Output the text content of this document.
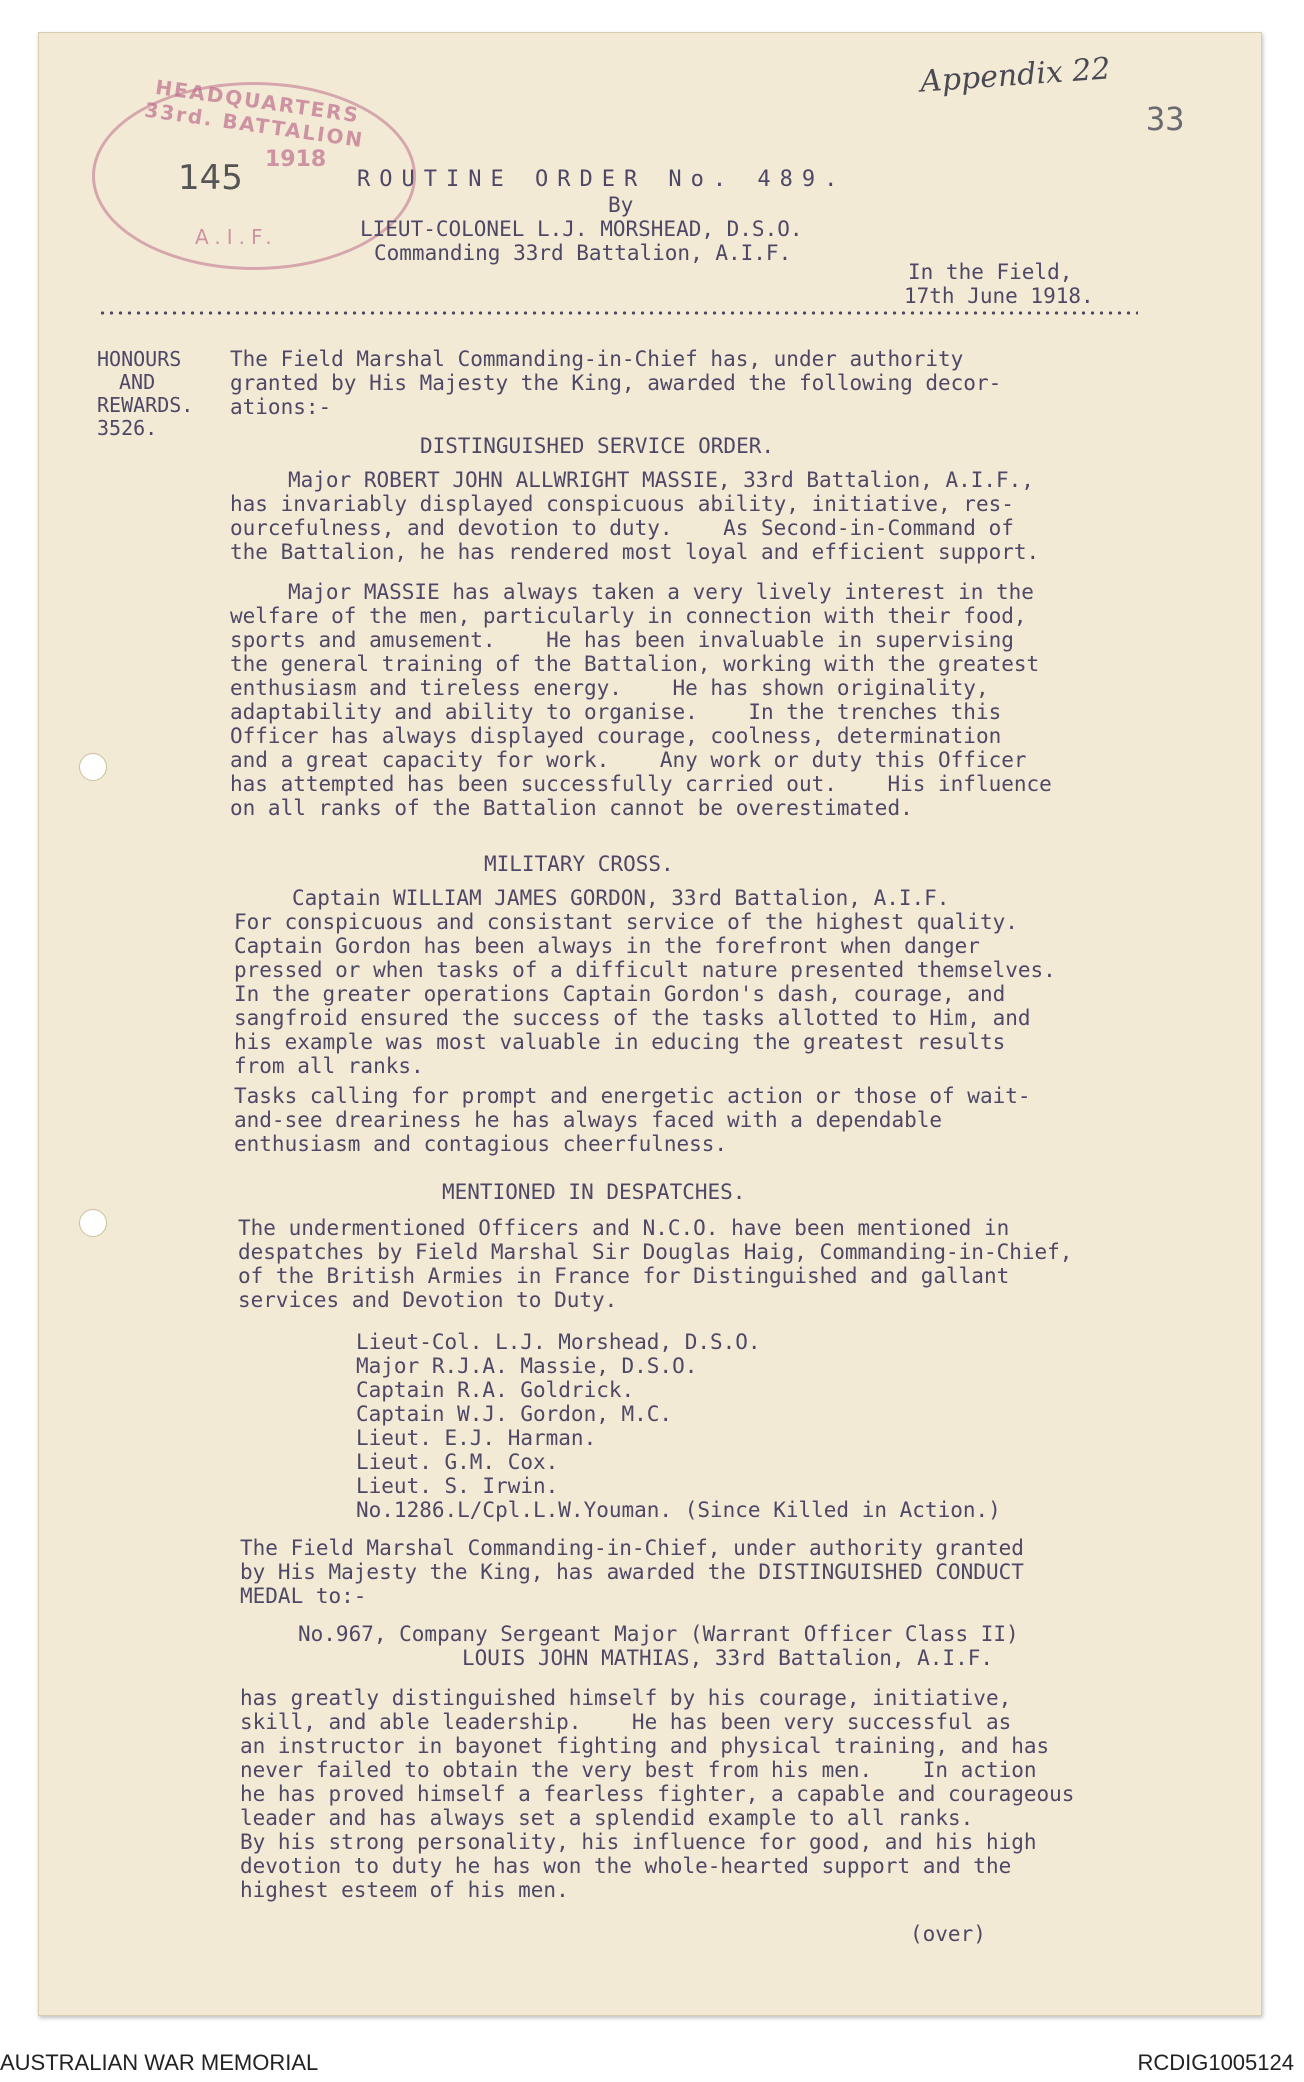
HEADQUARTERS 33rd. BATTALION
1918
A.I.F.
Appendix 22
33
145	ROUTINE ORDER No. 489.
By
LIEUT-COLONEL L.J. MORSHEAD, D.S.O.
Commanding 33rd Battalion, A.I.F.
In the Field,
17th June 1918.
HONOURS
AND
REWARDS.
3526.
The Field Marshal Commanding-in-Chief has, under authority
granted by His Majesty the King, awarded the following decor-
ations:-
DISTINGUISHED SERVICE ORDER.
Major ROBERT JOHN ALLWRIGHT MASSIE, 33rd Battalion, A.I.F.,
has invariably displayed conspicuous ability, initiative, res-
ourcefulness, and devotion to duty.    As Second-in-Command of
the Battalion, he has rendered most loyal and efficient support.
Major MASSIE has always taken a very lively interest in the
welfare of the men, particularly in connection with their food,
sports and amusement.    He has been invaluable in supervising
the general training of the Battalion, working with the greatest
enthusiasm and tireless energy.    He has shown originality,
adaptability and ability to organise.    In the trenches this
Officer has always displayed courage, coolness, determination
and a great capacity for work.    Any work or duty this Officer
has attempted has been successfully carried out.    His influence
on all ranks of the Battalion cannot be overestimated.
MILITARY CROSS.
Captain WILLIAM JAMES GORDON, 33rd Battalion, A.I.F.
For conspicuous and consistant service of the highest quality.
Captain Gordon has been always in the forefront when danger
pressed or when tasks of a difficult nature presented themselves.
In the greater operations Captain Gordon's dash, courage, and
sangfroid ensured the success of the tasks allotted to Him, and
his example was most valuable in educing the greatest results
from all ranks.
Tasks calling for prompt and energetic action or those of wait-
and-see dreariness he has always faced with a dependable
enthusiasm and contagious cheerfulness.
MENTIONED IN DESPATCHES.
The undermentioned Officers and N.C.O. have been mentioned in
despatches by Field Marshal Sir Douglas Haig, Commanding-in-Chief,
of the British Armies in France for Distinguished and gallant
services and Devotion to Duty.
Lieut-Col. L.J. Morshead, D.S.O.
Major R.J.A. Massie, D.S.O.
Captain R.A. Goldrick.
Captain W.J. Gordon, M.C.
Lieut. E.J. Harman.
Lieut. G.M. Cox.
Lieut. S. Irwin.
No.1286.L/Cpl.L.W.Youman. (Since Killed in Action.)
The Field Marshal Commanding-in-Chief, under authority granted
by His Majesty the King, has awarded the DISTINGUISHED CONDUCT
MEDAL to:-
No.967, Company Sergeant Major (Warrant Officer Class II)
LOUIS JOHN MATHIAS, 33rd Battalion, A.I.F.
has greatly distinguished himself by his courage, initiative,
skill, and able leadership.    He has been very successful as
an instructor in bayonet fighting and physical training, and has
never failed to obtain the very best from his men.    In action
he has proved himself a fearless fighter, a capable and courageous
leader and has always set a splendid example to all ranks.
By his strong personality, his influence for good, and his high
devotion to duty he has won the whole-hearted support and the
highest esteem of his men.
(over)
AUSTRALIAN WAR MEMORIAL	RCDIG1005124
